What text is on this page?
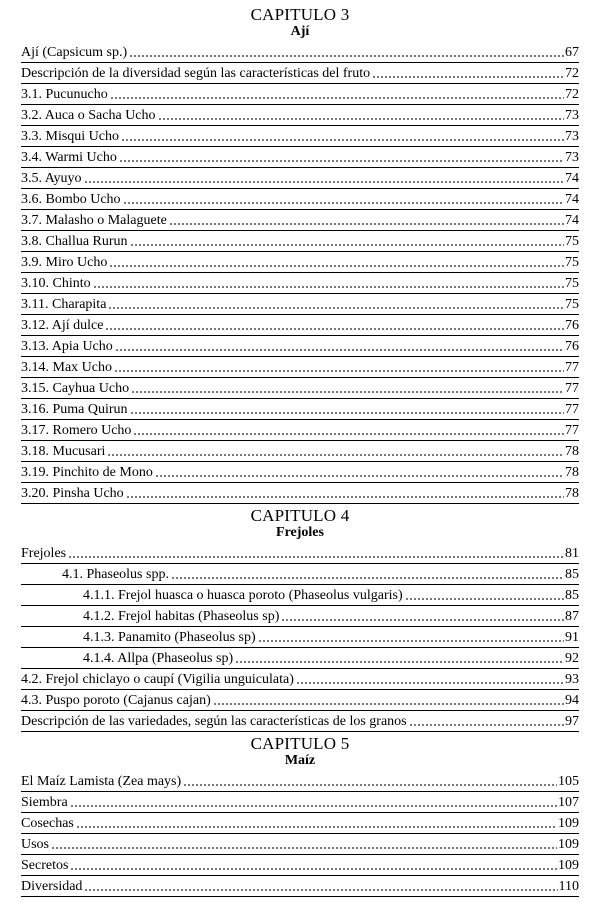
CAPITULO 3
Ají
Ají (Capsicum sp.)	67
Descripción de la diversidad según las características del fruto	72
3.1. Pucunucho	72
3.2. Auca o Sacha Ucho	73
3.3. Misqui Ucho	73
3.4. Warmi Ucho	73
3.5. Ayuyo	74
3.6. Bombo Ucho	74
3.7. Malasho o Malaguete	74
3.8. Challua Rurun	75
3.9. Miro Ucho	75
3.10. Chinto	75
3.11. Charapita	75
3.12. Ají dulce	76
3.13. Apia Ucho	76
3.14. Max Ucho	77
3.15. Cayhua Ucho	77
3.16. Puma Quirun	77
3.17. Romero Ucho	77
3.18. Mucusari	78
3.19. Pinchito de Mono	78
3.20. Pinsha Ucho	78
CAPITULO 4
Frejoles
Frejoles	81
4.1. Phaseolus spp.	85
4.1.1. Frejol huasca o huasca poroto (Phaseolus vulgaris)	85
4.1.2. Frejol habitas (Phaseolus sp)	87
4.1.3. Panamito (Phaseolus sp)	91
4.1.4. Allpa (Phaseolus sp)	92
4.2. Frejol chiclayo o caupí (Vigilia unguiculata)	93
4.3. Puspo poroto (Cajanus cajan)	94
Descripción de las variedades, según las características de los granos	97
CAPITULO 5
Maíz
El Maíz Lamista (Zea mays)	105
Siembra	107
Cosechas	109
Usos	109
Secretos	109
Diversidad	110
